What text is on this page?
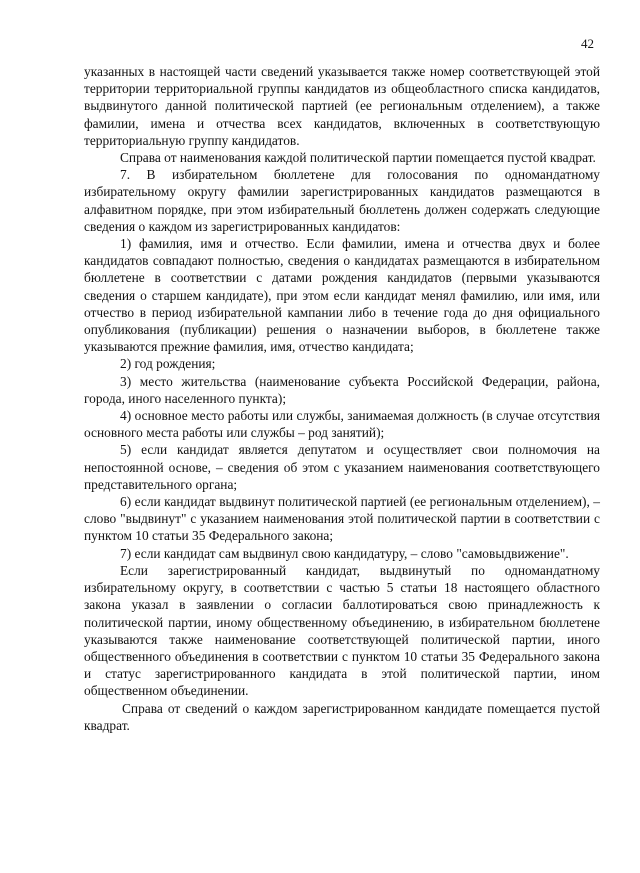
42

указанных в настоящей части сведений указывается также номер соответствующей этой территории территориальной группы кандидатов из общеобластного списка кандидатов, выдвинутого данной политической партией (ее региональным отделением), а также фамилии, имена и отчества всех кандидатов, включенных в соответствующую территориальную группу кандидатов.

Справа от наименования каждой политической партии помещается пустой квадрат.

7. В избирательном бюллетене для голосования по одномандатному избирательному округу фамилии зарегистрированных кандидатов размещаются в алфавитном порядке, при этом избирательный бюллетень должен содержать следующие сведения о каждом из зарегистрированных кандидатов:

1) фамилия, имя и отчество. Если фамилии, имена и отчества двух и более кандидатов совпадают полностью, сведения о кандидатах размещаются в избирательном бюллетене в соответствии с датами рождения кандидатов (первыми указываются сведения о старшем кандидате), при этом если кандидат менял фамилию, или имя, или отчество в период избирательной кампании либо в течение года до дня официального опубликования (публикации) решения о назначении выборов, в бюллетене также указываются прежние фамилия, имя, отчество кандидата;

2) год рождения;

3) место жительства (наименование субъекта Российской Федерации, района, города, иного населенного пункта);

4) основное место работы или службы, занимаемая должность (в случае отсутствия основного места работы или службы – род занятий);

5) если кандидат является депутатом и осуществляет свои полномочия на непостоянной основе, – сведения об этом с указанием наименования соответствующего представительного органа;

6) если кандидат выдвинут политической партией (ее региональным отделением), – слово "выдвинут" с указанием наименования этой политической партии в соответствии с пунктом 10 статьи 35 Федерального закона;

7) если кандидат сам выдвинул свою кандидатуру, – слово "самовыдвижение".

Если зарегистрированный кандидат, выдвинутый по одномандатному избирательному округу, в соответствии с частью 5 статьи 18 настоящего областного закона указал в заявлении о согласии баллотироваться свою принадлежность к политической партии, иному общественному объединению, в избирательном бюллетене указываются также наименование соответствующей политической партии, иного общественного объединения в соответствии с пунктом 10 статьи 35 Федерального закона и статус зарегистрированного кандидата в этой политической партии, ином общественном объединении.

Справа от сведений о каждом зарегистрированном кандидате помещается пустой квадрат.
